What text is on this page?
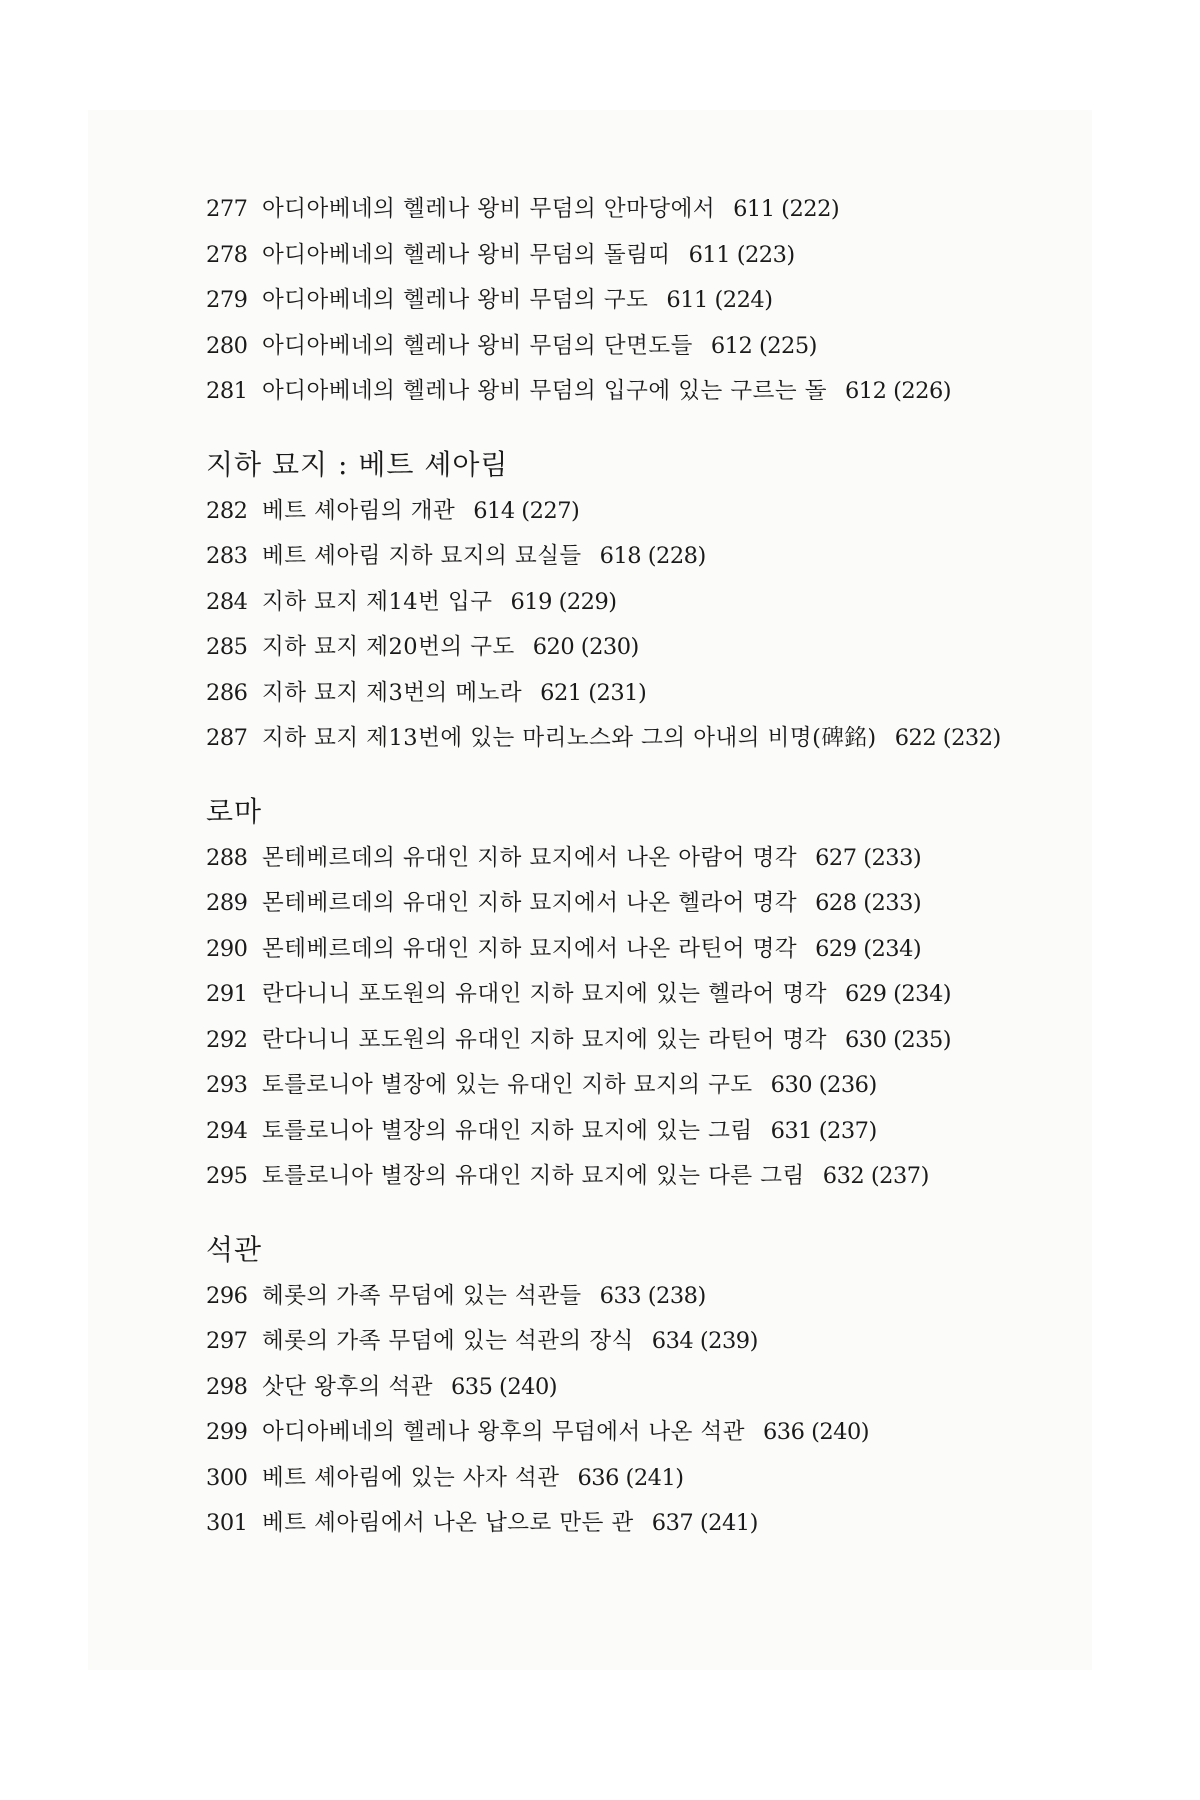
277 아디아베네의 헬레나 왕비 무덤의 안마당에서 611 (222)
278 아디아베네의 헬레나 왕비 무덤의 돌림띠 611 (223)
279 아디아베네의 헬레나 왕비 무덤의 구도 611 (224)
280 아디아베네의 헬레나 왕비 무덤의 단면도들 612 (225)
281 아디아베네의 헬레나 왕비 무덤의 입구에 있는 구르는 돌 612 (226)
지하 묘지 : 베트 셰아림
282 베트 셰아림의 개관 614 (227)
283 베트 셰아림 지하 묘지의 묘실들 618 (228)
284 지하 묘지 제14번 입구 619 (229)
285 지하 묘지 제20번의 구도 620 (230)
286 지하 묘지 제3번의 메노라 621 (231)
287 지하 묘지 제13번에 있는 마리노스와 그의 아내의 비명(碑銘) 622 (232)
로마
288 몬테베르데의 유대인 지하 묘지에서 나온 아람어 명각 627 (233)
289 몬테베르데의 유대인 지하 묘지에서 나온 헬라어 명각 628 (233)
290 몬테베르데의 유대인 지하 묘지에서 나온 라틴어 명각 629 (234)
291 란다니니 포도원의 유대인 지하 묘지에 있는 헬라어 명각 629 (234)
292 란다니니 포도원의 유대인 지하 묘지에 있는 라틴어 명각 630 (235)
293 토를로니아 별장에 있는 유대인 지하 묘지의 구도 630 (236)
294 토를로니아 별장의 유대인 지하 묘지에 있는 그림 631 (237)
295 토를로니아 별장의 유대인 지하 묘지에 있는 다른 그림 632 (237)
석관
296 헤롯의 가족 무덤에 있는 석관들 633 (238)
297 헤롯의 가족 무덤에 있는 석관의 장식 634 (239)
298 삿단 왕후의 석관 635 (240)
299 아디아베네의 헬레나 왕후의 무덤에서 나온 석관 636 (240)
300 베트 셰아림에 있는 사자 석관 636 (241)
301 베트 셰아림에서 나온 납으로 만든 관 637 (241)
